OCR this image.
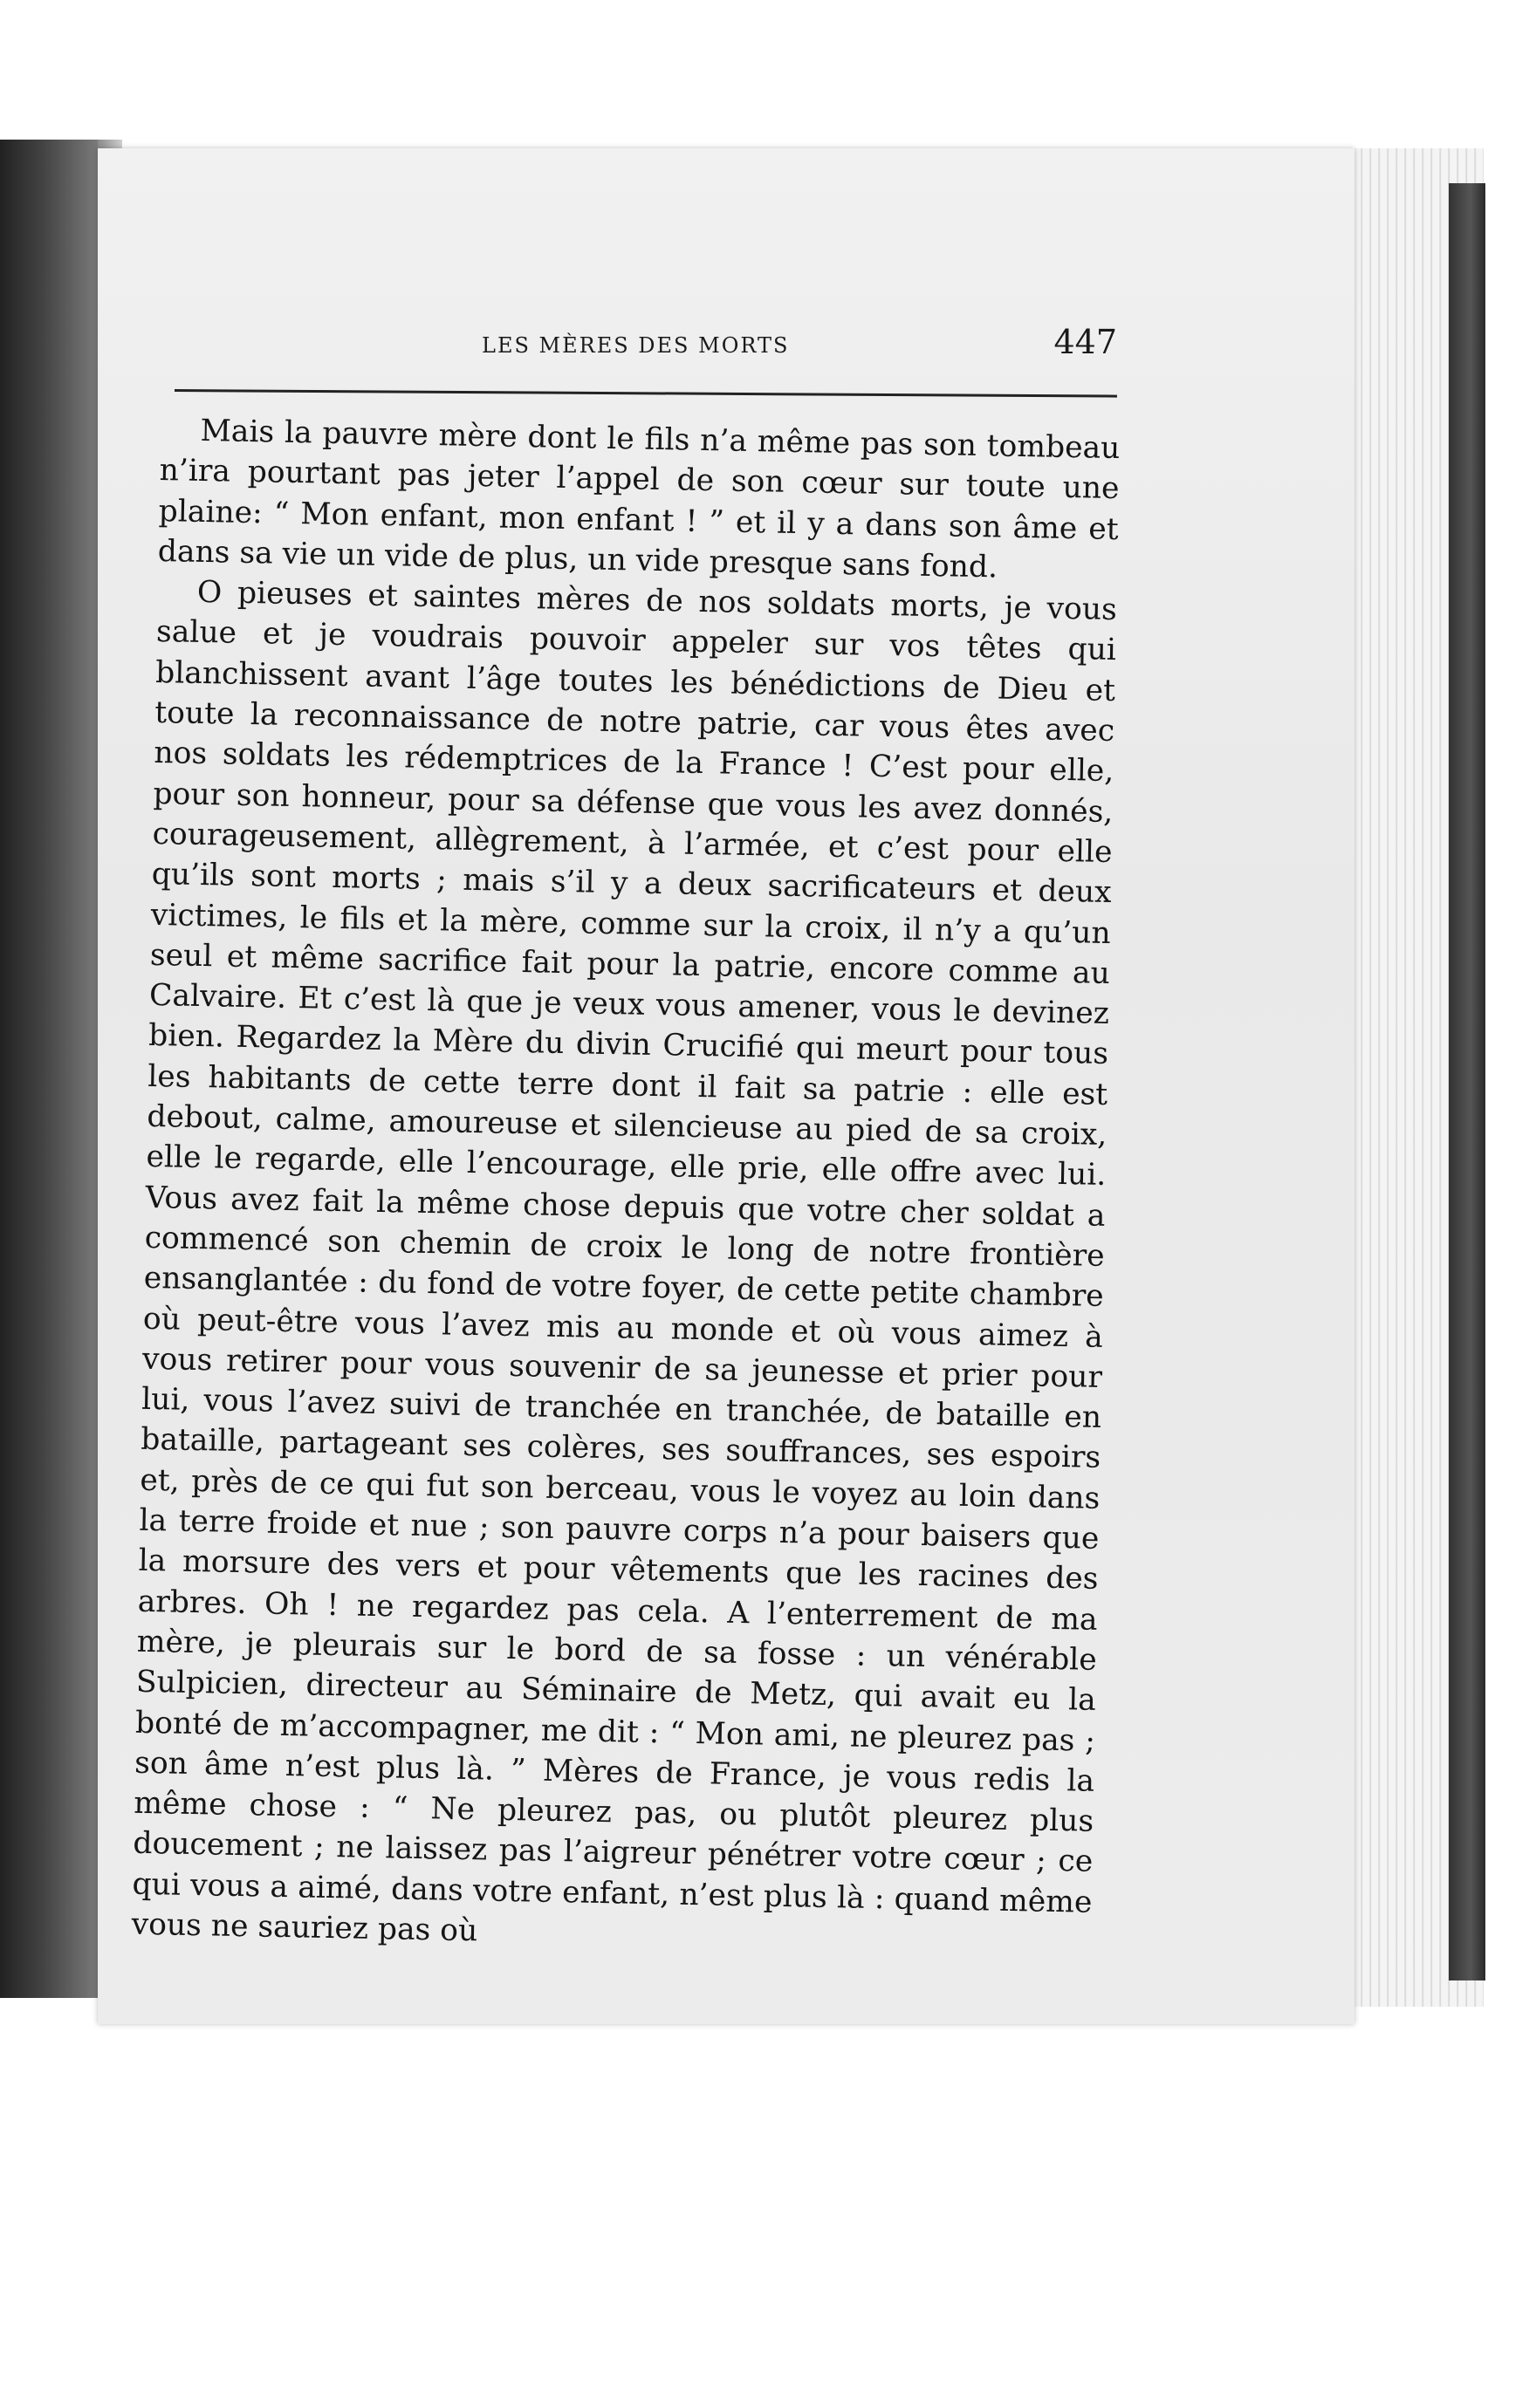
LES MÈRES DES MORTS	447

Mais la pauvre mère dont le fils n’a même pas son tombeau n’ira pourtant pas jeter l’appel de son cœur sur toute une plaine: “ Mon enfant, mon enfant ! ” et il y a dans son âme et dans sa vie un vide de plus, un vide presque sans fond.

O pieuses et saintes mères de nos soldats morts, je vous salue et je voudrais pouvoir appeler sur vos têtes qui blanchissent avant l’âge toutes les bénédictions de Dieu et toute la reconnaissance de notre patrie, car vous êtes avec nos soldats les rédemptrices de la France ! C’est pour elle, pour son honneur, pour sa défense que vous les avez donnés, courageusement, allègrement, à l’armée, et c’est pour elle qu’ils sont morts ; mais s’il y a deux sacrificateurs et deux victimes, le fils et la mère, comme sur la croix, il n’y a qu’un seul et même sacrifice fait pour la patrie, encore comme au Calvaire. Et c’est là que je veux vous amener, vous le devinez bien. Regardez la Mère du divin Crucifié qui meurt pour tous les habitants de cette terre dont il fait sa patrie : elle est debout, calme, amoureuse et silencieuse au pied de sa croix, elle le regarde, elle l’encourage, elle prie, elle offre avec lui. Vous avez fait la même chose depuis que votre cher soldat a commencé son chemin de croix le long de notre frontière ensanglantée : du fond de votre foyer, de cette petite chambre où peut-être vous l’avez mis au monde et où vous aimez à vous retirer pour vous souvenir de sa jeunesse et prier pour lui, vous l’avez suivi de tranchée en tranchée, de bataille en bataille, partageant ses colères, ses souffrances, ses espoirs et, près de ce qui fut son berceau, vous le voyez au loin dans la terre froide et nue ; son pauvre corps n’a pour baisers que la morsure des vers et pour vêtements que les racines des arbres. Oh ! ne regardez pas cela. A l’enterrement de ma mère, je pleurais sur le bord de sa fosse : un vénérable Sulpicien, directeur au Séminaire de Metz, qui avait eu la bonté de m’accompagner, me dit : “ Mon ami, ne pleurez pas ; son âme n’est plus là. ” Mères de France, je vous redis la même chose : “ Ne pleurez pas, ou plutôt pleurez plus doucement ; ne laissez pas l’aigreur pénétrer votre cœur ; ce qui vous a aimé, dans votre enfant, n’est plus là : quand même vous ne sauriez pas où
